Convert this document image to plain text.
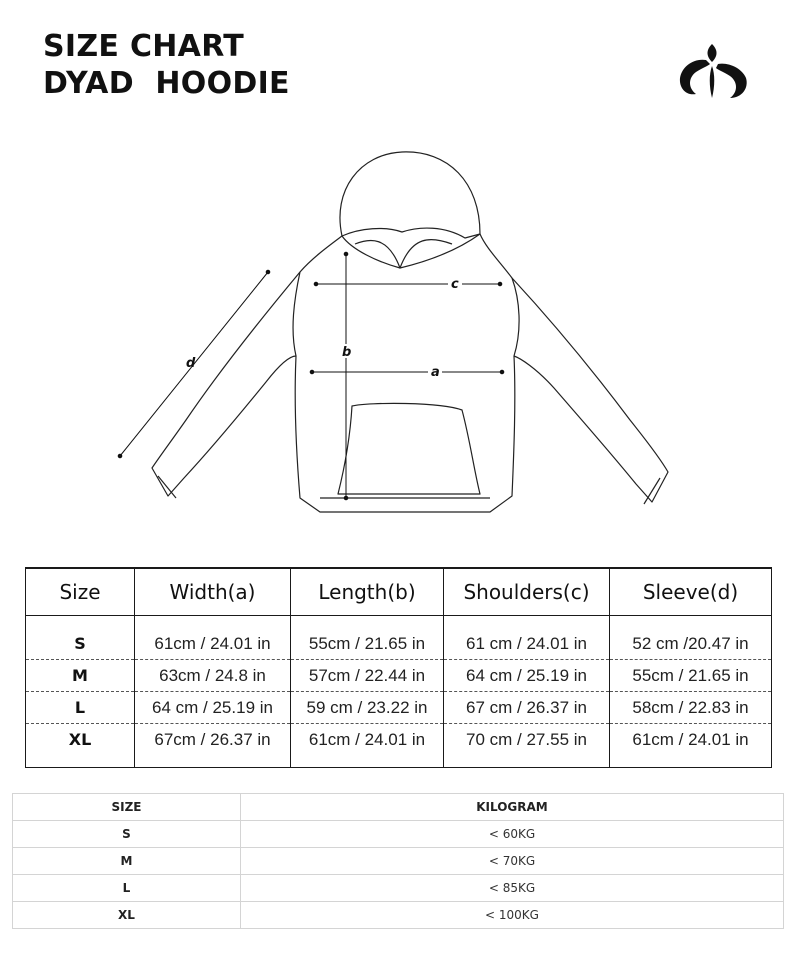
SIZE CHART
DYAD  HOODIE
c
a
b
d
Size	Width(a)	Length(b)	Shoulders(c)	Sleeve(d)
S	61cm / 24.01 in	55cm / 21.65 in	61 cm / 24.01 in	52 cm /20.47 in
M	63cm / 24.8 in	57cm / 22.44 in	64 cm / 25.19 in	55cm / 21.65 in
L	64 cm / 25.19 in	59 cm / 23.22 in	67 cm / 26.37 in	58cm / 22.83 in
XL	67cm / 26.37 in	61cm / 24.01 in	70 cm / 27.55 in	61cm / 24.01 in
SIZE	KILOGRAM
S	< 60KG
M	< 70KG
L	< 85KG
XL	< 100KG
